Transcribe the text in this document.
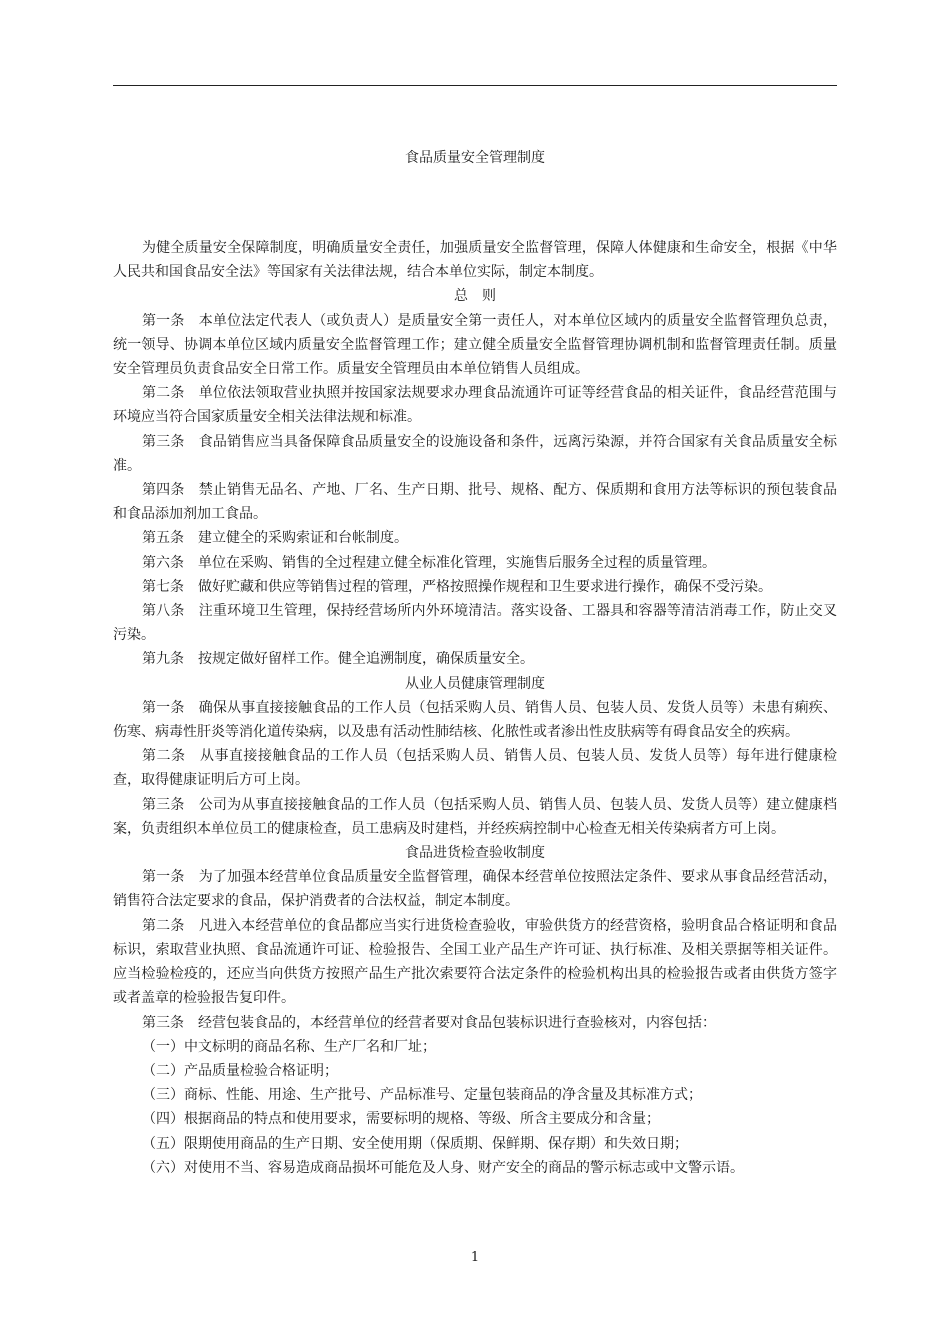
食品质量安全管理制度

为健全质量安全保障制度，明确质量安全责任，加强质量安全监督管理，保障人体健康和生命安全，根据《中华人民共和国食品安全法》等国家有关法律法规，结合本单位实际，制定本制度。

总　则

第一条　本单位法定代表人（或负责人）是质量安全第一责任人，对本单位区域内的质量安全监督管理负总责，统一领导、协调本单位区域内质量安全监督管理工作；建立健全质量安全监督管理协调机制和监督管理责任制。质量安全管理员负责食品安全日常工作。质量安全管理员由本单位销售人员组成。

第二条　单位依法领取营业执照并按国家法规要求办理食品流通许可证等经营食品的相关证件，食品经营范围与环境应当符合国家质量安全相关法律法规和标准。

第三条　食品销售应当具备保障食品质量安全的设施设备和条件，远离污染源，并符合国家有关食品质量安全标准。

第四条　禁止销售无品名、产地、厂名、生产日期、批号、规格、配方、保质期和食用方法等标识的预包装食品和食品添加剂加工食品。

第五条　建立健全的采购索证和台帐制度。

第六条　单位在采购、销售的全过程建立健全标准化管理，实施售后服务全过程的质量管理。

第七条　做好贮藏和供应等销售过程的管理，严格按照操作规程和卫生要求进行操作，确保不受污染。

第八条　注重环境卫生管理，保持经营场所内外环境清洁。落实设备、工器具和容器等清洁消毒工作，防止交叉污染。

第九条　按规定做好留样工作。健全追溯制度，确保质量安全。

从业人员健康管理制度

第一条　确保从事直接接触食品的工作人员（包括采购人员、销售人员、包装人员、发货人员等）未患有痢疾、伤寒、病毒性肝炎等消化道传染病，以及患有活动性肺结核、化脓性或者渗出性皮肤病等有碍食品安全的疾病。

第二条　从事直接接触食品的工作人员（包括采购人员、销售人员、包装人员、发货人员等）每年进行健康检查，取得健康证明后方可上岗。

第三条　公司为从事直接接触食品的工作人员（包括采购人员、销售人员、包装人员、发货人员等）建立健康档案，负责组织本单位员工的健康检查，员工患病及时建档，并经疾病控制中心检查无相关传染病者方可上岗。

食品进货检查验收制度

第一条　为了加强本经营单位食品质量安全监督管理，确保本经营单位按照法定条件、要求从事食品经营活动，销售符合法定要求的食品，保护消费者的合法权益，制定本制度。

第二条　凡进入本经营单位的食品都应当实行进货检查验收，审验供货方的经营资格，验明食品合格证明和食品标识，索取营业执照、食品流通许可证、检验报告、全国工业产品生产许可证、执行标准、及相关票据等相关证件。应当检验检疫的，还应当向供货方按照产品生产批次索要符合法定条件的检验机构出具的检验报告或者由供货方签字或者盖章的检验报告复印件。

第三条　经营包装食品的，本经营单位的经营者要对食品包装标识进行查验核对，内容包括：

（一）中文标明的商品名称、生产厂名和厂址；

（二）产品质量检验合格证明；

（三）商标、性能、用途、生产批号、产品标准号、定量包装商品的净含量及其标准方式；

（四）根据商品的特点和使用要求，需要标明的规格、等级、所含主要成分和含量；

（五）限期使用商品的生产日期、安全使用期（保质期、保鲜期、保存期）和失效日期；

（六）对使用不当、容易造成商品损坏可能危及人身、财产安全的商品的警示标志或中文警示语。

1
